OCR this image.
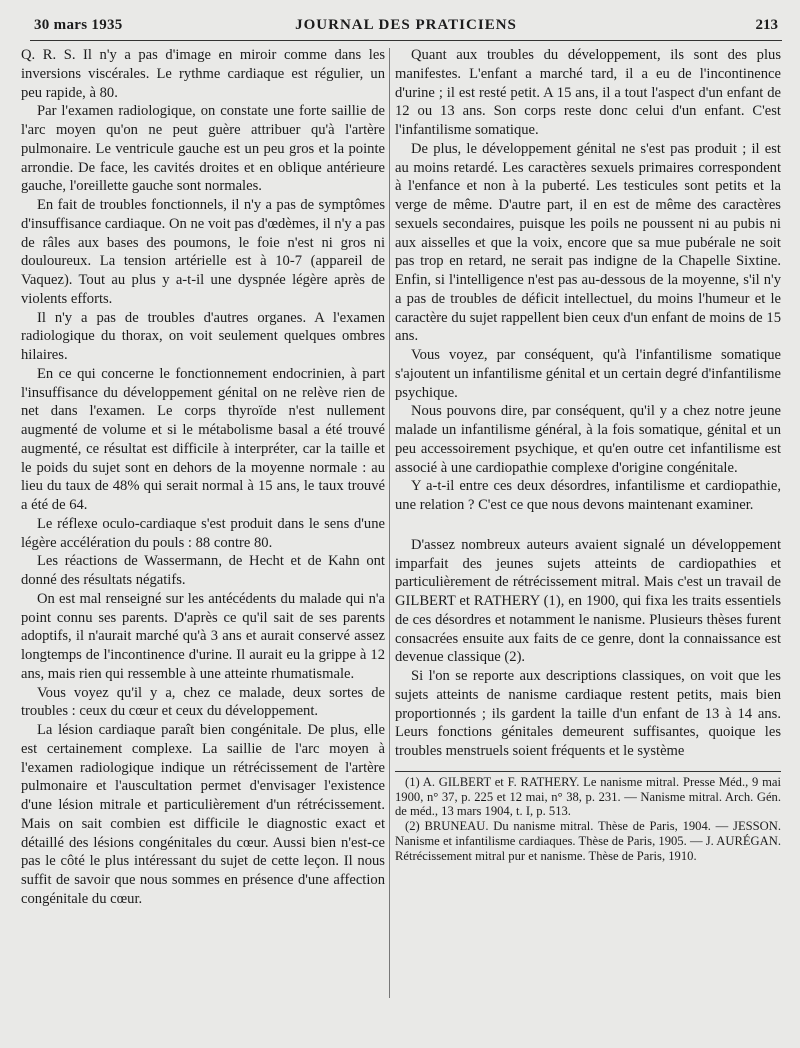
30 mars 1935	JOURNAL DES PRATICIENS	213

Q. R. S. Il n'y a pas d'image en miroir comme dans les inversions viscérales. Le rythme cardiaque est régulier, un peu rapide, à 80.

Par l'examen radiologique, on constate une forte saillie de l'arc moyen qu'on ne peut guère attribuer qu'à l'artère pulmonaire. Le ventricule gauche est un peu gros et la pointe arrondie. De face, les cavités droites et en oblique antérieure gauche, l'oreillette gauche sont normales.

En fait de troubles fonctionnels, il n'y a pas de symptômes d'insuffisance cardiaque. On ne voit pas d'œdèmes, il n'y a pas de râles aux bases des poumons, le foie n'est ni gros ni douloureux. La tension artérielle est à 10-7 (appareil de Vaquez). Tout au plus y a-t-il une dyspnée légère après de violents efforts.

Il n'y a pas de troubles d'autres organes. A l'examen radiologique du thorax, on voit seulement quelques ombres hilaires.

En ce qui concerne le fonctionnement endocrinien, à part l'insuffisance du développement génital on ne relève rien de net dans l'examen. Le corps thyroïde n'est nullement augmenté de volume et si le métabolisme basal a été trouvé augmenté, ce résultat est difficile à interpréter, car la taille et le poids du sujet sont en dehors de la moyenne normale : au lieu du taux de 48% qui serait normal à 15 ans, le taux trouvé a été de 64.

Le réflexe oculo-cardiaque s'est produit dans le sens d'une légère accélération du pouls : 88 contre 80.

Les réactions de Wassermann, de Hecht et de Kahn ont donné des résultats négatifs.

On est mal renseigné sur les antécédents du malade qui n'a point connu ses parents. D'après ce qu'il sait de ses parents adoptifs, il n'aurait marché qu'à 3 ans et aurait conservé assez longtemps de l'incontinence d'urine. Il aurait eu la grippe à 12 ans, mais rien qui ressemble à une atteinte rhumatismale.

Vous voyez qu'il y a, chez ce malade, deux sortes de troubles : ceux du cœur et ceux du développement.

La lésion cardiaque paraît bien congénitale. De plus, elle est certainement complexe. La saillie de l'arc moyen à l'examen radiologique indique un rétrécissement de l'artère pulmonaire et l'auscultation permet d'envisager l'existence d'une lésion mitrale et particulièrement d'un rétrécissement. Mais on sait combien est difficile le diagnostic exact et détaillé des lésions congénitales du cœur. Aussi bien n'est-ce pas le côté le plus intéressant du sujet de cette leçon. Il nous suffit de savoir que nous sommes en présence d'une affection congénitale du cœur.

Quant aux troubles du développement, ils sont des plus manifestes. L'enfant a marché tard, il a eu de l'incontinence d'urine ; il est resté petit. A 15 ans, il a tout l'aspect d'un enfant de 12 ou 13 ans. Son corps reste donc celui d'un enfant. C'est l'infantilisme somatique.

De plus, le développement génital ne s'est pas produit ; il est au moins retardé. Les caractères sexuels primaires correspondent à l'enfance et non à la puberté. Les testicules sont petits et la verge de même. D'autre part, il en est de même des caractères sexuels secondaires, puisque les poils ne poussent ni au pubis ni aux aisselles et que la voix, encore que sa mue pubérale ne soit pas trop en retard, ne serait pas indigne de la Chapelle Sixtine. Enfin, si l'intelligence n'est pas au-dessous de la moyenne, s'il n'y a pas de troubles de déficit intellectuel, du moins l'humeur et le caractère du sujet rappellent bien ceux d'un enfant de moins de 15 ans.

Vous voyez, par conséquent, qu'à l'infantilisme somatique s'ajoutent un infantilisme génital et un certain degré d'infantilisme psychique.

Nous pouvons dire, par conséquent, qu'il y a chez notre jeune malade un infantilisme général, à la fois somatique, génital et un peu accessoirement psychique, et qu'en outre cet infantilisme est associé à une cardiopathie complexe d'origine congénitale.

Y a-t-il entre ces deux désordres, infantilisme et cardiopathie, une relation ? C'est ce que nous devons maintenant examiner.

D'assez nombreux auteurs avaient signalé un développement imparfait des jeunes sujets atteints de cardiopathies et particulièrement de rétrécissement mitral. Mais c'est un travail de GILBERT et RATHERY (1), en 1900, qui fixa les traits essentiels de ces désordres et notamment le nanisme. Plusieurs thèses furent consacrées ensuite aux faits de ce genre, dont la connaissance est devenue classique (2).

Si l'on se reporte aux descriptions classiques, on voit que les sujets atteints de nanisme cardiaque restent petits, mais bien proportionnés ; ils gardent la taille d'un enfant de 13 à 14 ans. Leurs fonctions génitales demeurent suffisantes, quoique les troubles menstruels soient fréquents et le système

(1) A. GILBERT et F. RATHERY. Le nanisme mitral. Presse Méd., 9 mai 1900, n° 37, p. 225 et 12 mai, n° 38, p. 231. — Nanisme mitral. Arch. Gén. de méd., 13 mars 1904, t. I, p. 513.

(2) BRUNEAU. Du nanisme mitral. Thèse de Paris, 1904. — JESSON. Nanisme et infantilisme cardiaques. Thèse de Paris, 1905. — J. AURÉGAN. Rétrécissement mitral pur et nanisme. Thèse de Paris, 1910.
